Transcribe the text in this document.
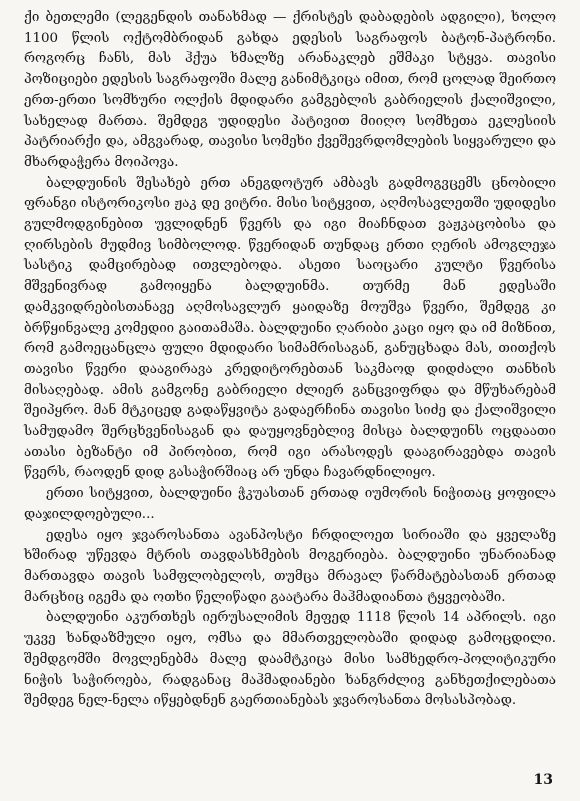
ქი ბეთლემი (ლეგენდის თანახმად — ქრისტეს დაბადების ადგილი), ხოლო 1100 წლის ოქტომბრიდან გახდა ედესის საგრაფოს ბატონ-პატრონი. როგორც ჩანს, მას ჰქუა ხმალზე არანაკლებ ეშმაკი სტყვა. თავისი პოზიციები ედესის საგრაფოში მალე განიმტკიცა იმით, რომ ცოლად შეირთო ერთ-ერთი სომხური ოლქის მდიდარი გამგებლის გაბრიელის ქალიშვილი, სახელად მართა. შემდეგ უდიდესი პატივით მიიღო სომხეთა ეკლესიის პატრიარქი და, ამგვარად, თავისი სომეხი ქვეშევრდომლების სიყვარული და მხარდაჭერა მოიპოვა.

ბალდუინის შესახებ ერთ ანეგდოტურ ამბავს გადმოგვცემს ცნობილი ფრანგი ისტორიკოსი ჟაკ დე ვიტრი. მისი სიტყვით, აღმოსავლეთში უდიდესი გულმოდგინებით უვლიდნენ წვერს და იგი მიაჩნდათ ვაჟკაცობისა და ღირსების მუდმივ სიმბოლოდ. წვერიდან თუნდაც ერთი ღერის ამოგლეჯა სასტიკ დამცირებად ითვლებოდა. ასეთი საოცარი კულტი წვერისა მშვენივრად გამოიყენა ბალდუინმა. თურმე მან ედესაში დამკვიდრებისთანავე აღმოსავლურ ყაიდაზე მოუშვა წვერი, შემდეგ კი ბრწყინვალე კომედიი გაითამაშა. ბალდუინი ღარიბი კაცი იყო და იმ მიზნით, რომ გამოეცანცლა ფული მდიდარი სიმამრისაგან, განუცხადა მას, თითქოს თავისი წვერი დააგირავა კრედიტორებთან საკმაოდ დიდძალი თანხის მისაღებად. ამის გამგონე გაბრიელი ძლიერ განცვიფრდა და მწუხარებამ შეიპყრო. მან მტკიცედ გადაწყვიტა გადაერჩინა თავისი სიძე და ქალიშვილი სამუდამო შერცხვენისაგან და დაუყოვნებლივ მისცა ბალდუინს ოცდაათი ათასი ბეზანტი იმ პირობით, რომ იგი არასოდეს დააგირავებდა თავის წვერს, რაოდენ დიდ გასაჭირშიაც არ უნდა ჩავარდნილიყო.

ერთი სიტყვით, ბალდუინი ჭკუასთან ერთად იუმორის ნიჭითაც ყოფილა დაჯილდოებული...

ედესა იყო ჯვაროსანთა ავანპოსტი ჩრდილოეთ სირიაში და ყველაზე ხშირად უწევდა მტრის თავდასხმების მოგერიება. ბალდუინი უნარიანად მართავდა თავის სამფლობელოს, თუმცა მრავალ წარმატებასთან ერთად მარცხიც იგემა და ოთხი წელიწადი გაატარა მაჰმადიანთა ტყვეობაში.

ბალდუინი აკურთხეს იერუსალიმის მეფედ 1118 წლის 14 აპრილს. იგი უკვე ხანდაზმული იყო, ომსა და მმართველობაში დიდად გამოცდილი. შემდგომში მოვლენებმა მალე დაამტკიცა მისი სამხედრო-პოლიტიკური ნიჭის საჭიროება, რადგანაც მაჰმადიანები ხანგრძლივ განხეთქილებათა შემდეგ ნელ-ნელა იწყებდნენ გაერთიანებას ჯვაროსანთა მოსასპობად.

13
